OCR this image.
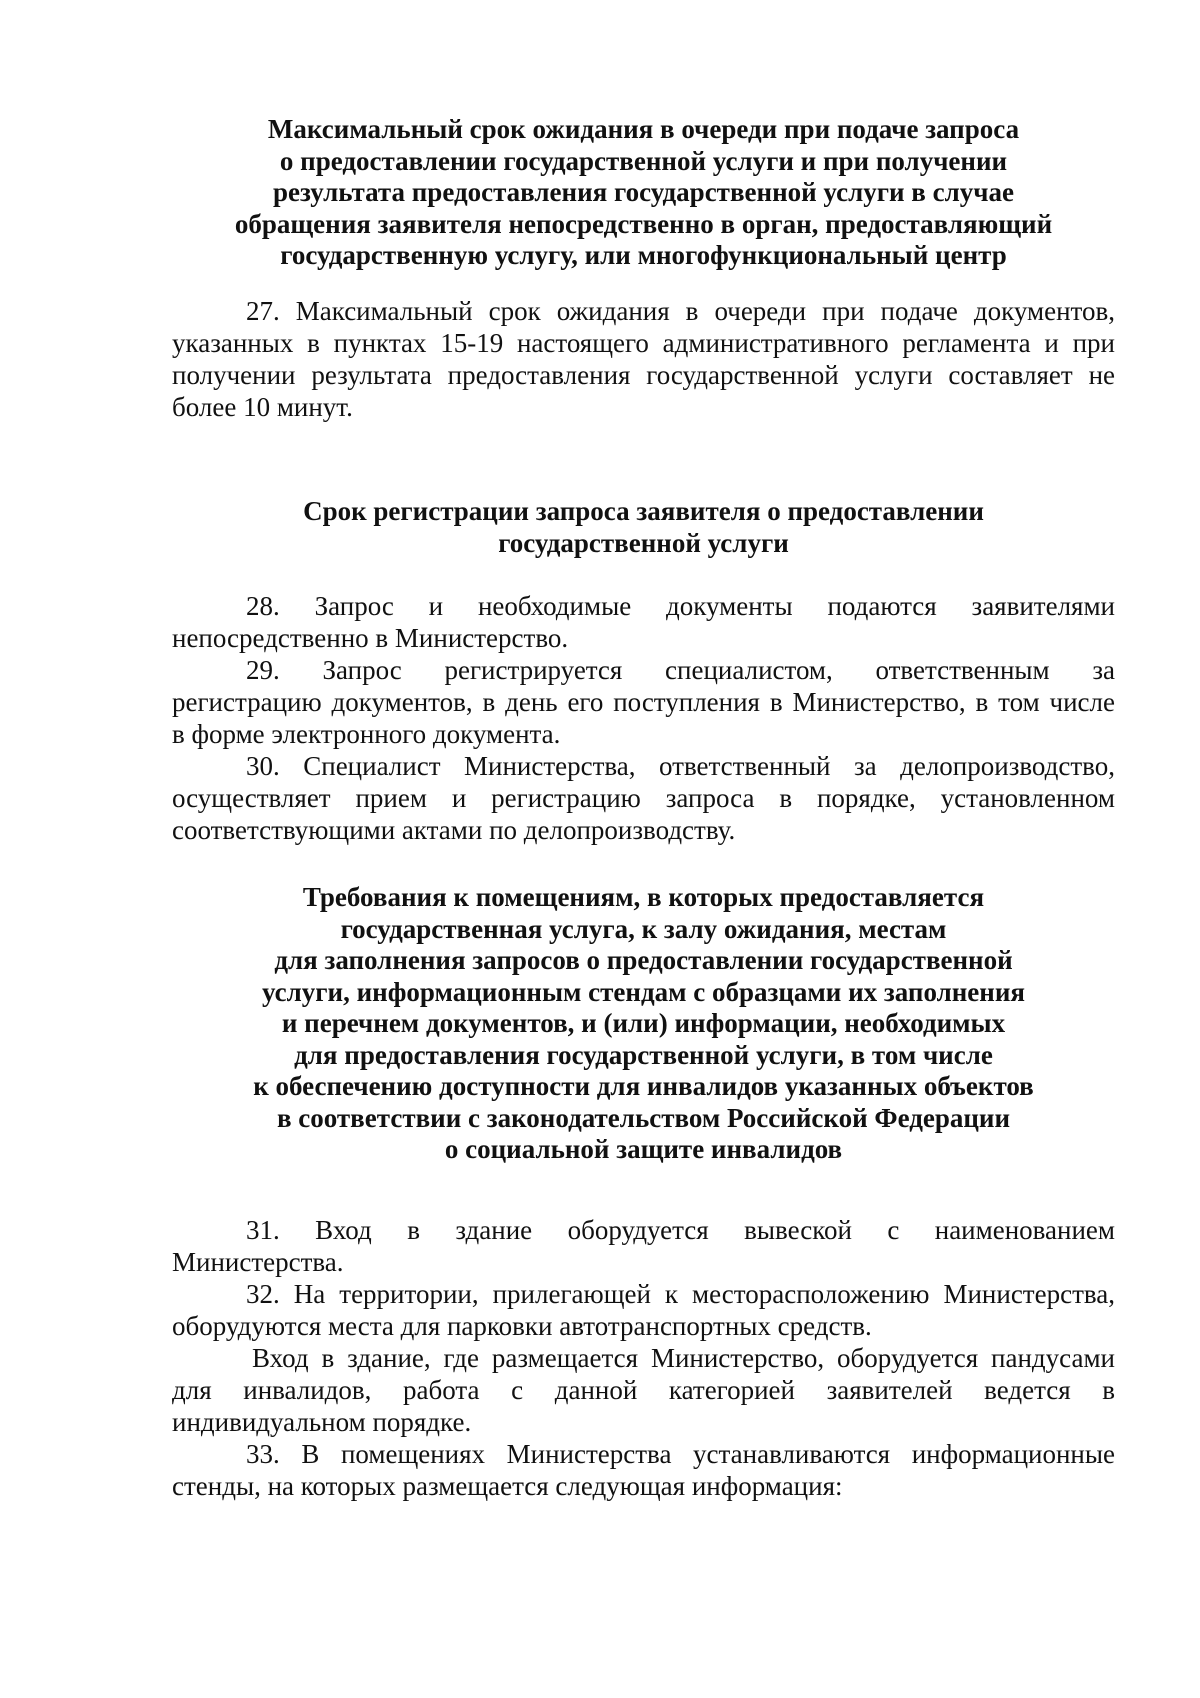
Максимальный срок ожидания в очереди при подаче запроса
о предоставлении государственной услуги и при получении
результата предоставления государственной услуги в случае
обращения заявителя непосредственно в орган, предоставляющий
государственную услугу, или многофункциональный центр
27. Максимальный срок ожидания в очереди при подаче документов,
указанных в пунктах 15-19 настоящего административного регламента и при
получении результата предоставления государственной услуги составляет не
более 10 минут.
Срок регистрации запроса заявителя о предоставлении
государственной услуги
28. Запрос и необходимые документы подаются заявителями
непосредственно в Министерство.
29. Запрос регистрируется специалистом, ответственным за
регистрацию документов, в день его поступления в Министерство, в том числе
в форме электронного документа.
30. Специалист Министерства, ответственный за делопроизводство,
осуществляет прием и регистрацию запроса в порядке, установленном
соответствующими актами по делопроизводству.
Требования к помещениям, в которых предоставляется
государственная услуга, к залу ожидания, местам
для заполнения запросов о предоставлении государственной
услуги, информационным стендам с образцами их заполнения
и перечнем документов, и (или) информации, необходимых
для предоставления государственной услуги, в том числе
к обеспечению доступности для инвалидов указанных объектов
в соответствии с законодательством Российской Федерации
о социальной защите инвалидов
31. Вход в здание оборудуется вывеской с наименованием
Министерства.
32. На территории, прилегающей к месторасположению Министерства,
оборудуются места для парковки автотранспортных средств.
Вход в здание, где размещается Министерство, оборудуется пандусами
для инвалидов, работа с данной категорией заявителей ведется в
индивидуальном порядке.
33. В помещениях Министерства устанавливаются информационные
стенды, на которых размещается следующая информация:
